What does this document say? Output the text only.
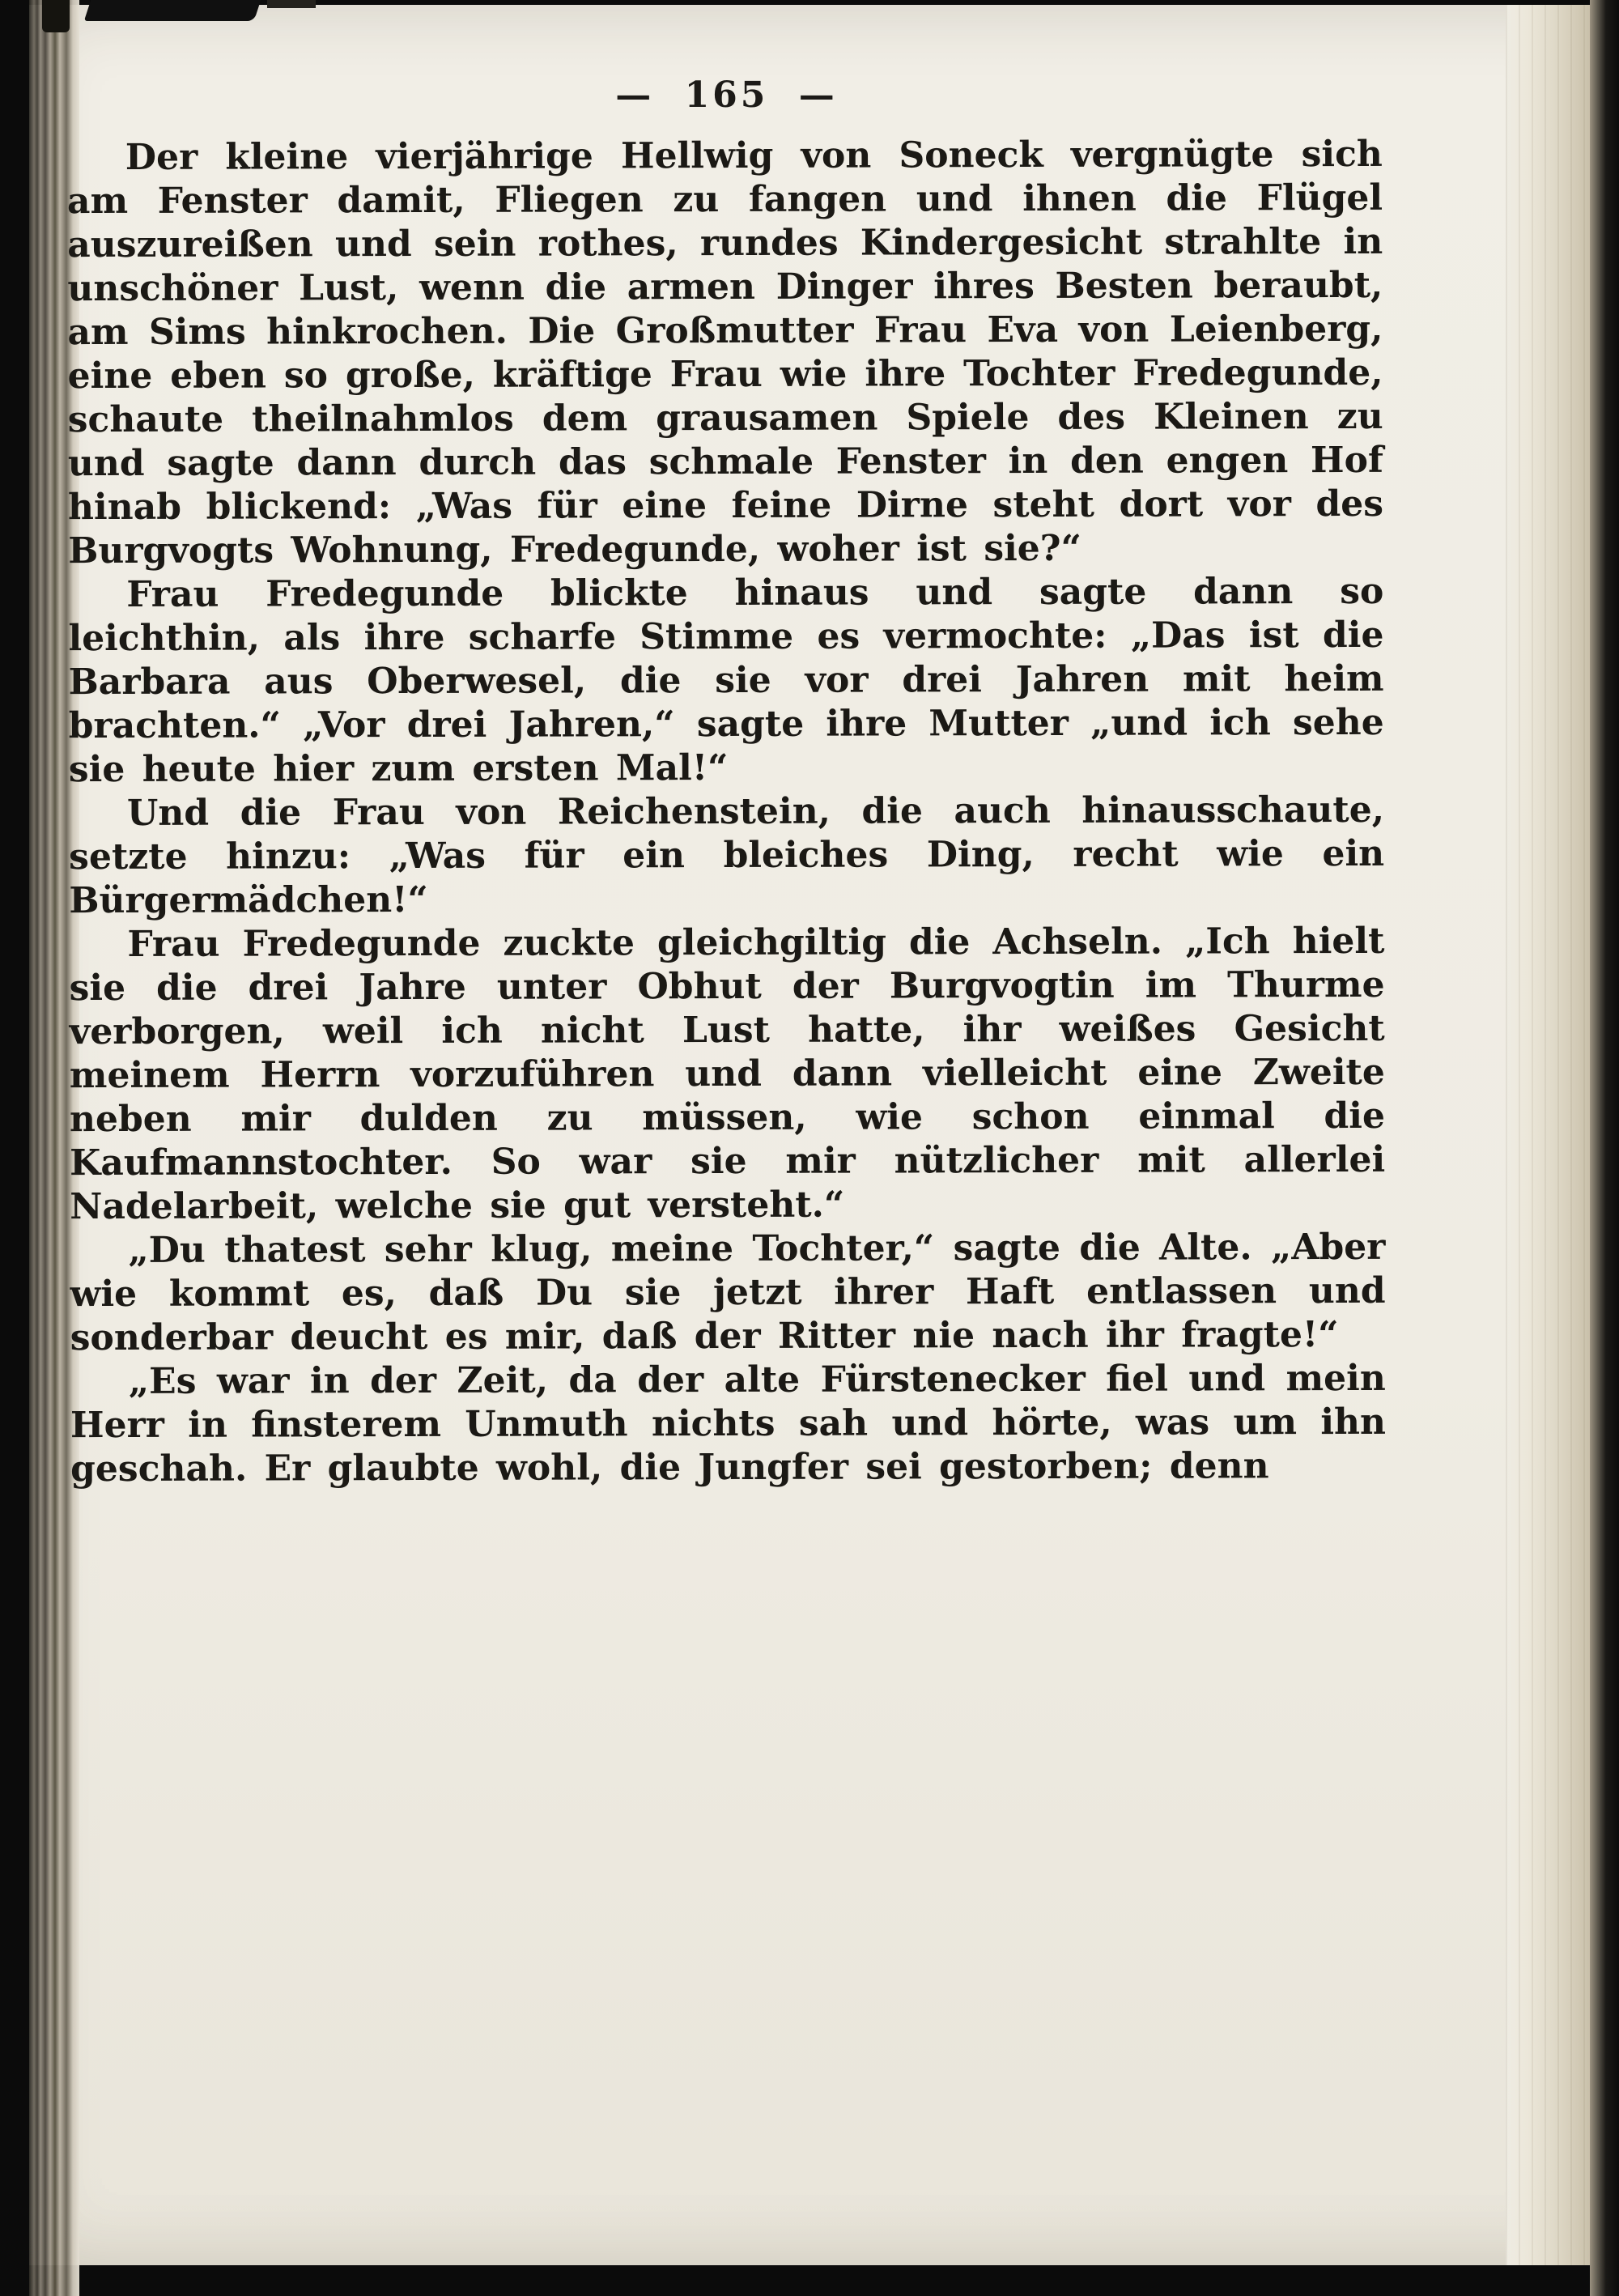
— 165 —

Der kleine vierjährige Hellwig von Soneck vergnügte sich am Fenster damit, Fliegen zu fangen und ihnen die Flügel auszureißen und sein rothes, rundes Kindergesicht strahlte in unschöner Lust, wenn die armen Dinger ihres Besten beraubt, am Sims hinkrochen. Die Großmutter Frau Eva von Leienberg, eine eben so große, kräftige Frau wie ihre Tochter Fredegunde, schaute theilnahmlos dem grausamen Spiele des Kleinen zu und sagte dann durch das schmale Fenster in den engen Hof hinab blickend: „Was für eine feine Dirne steht dort vor des Burgvogts Wohnung, Fredegunde, woher ist sie?“

Frau Fredegunde blickte hinaus und sagte dann so leichthin, als ihre scharfe Stimme es vermochte: „Das ist die Barbara aus Oberwesel, die sie vor drei Jahren mit heim brachten.“ „Vor drei Jahren,“ sagte ihre Mutter „und ich sehe sie heute hier zum ersten Mal!“

Und die Frau von Reichenstein, die auch hinausschaute, setzte hinzu: „Was für ein bleiches Ding, recht wie ein Bürgermädchen!“

Frau Fredegunde zuckte gleichgiltig die Achseln. „Ich hielt sie die drei Jahre unter Obhut der Burgvogtin im Thurme verborgen, weil ich nicht Lust hatte, ihr weißes Gesicht meinem Herrn vorzuführen und dann vielleicht eine Zweite neben mir dulden zu müssen, wie schon einmal die Kaufmannstochter. So war sie mir nützlicher mit allerlei Nadelarbeit, welche sie gut versteht.“

„Du thatest sehr klug, meine Tochter,“ sagte die Alte. „Aber wie kommt es, daß Du sie jetzt ihrer Haft entlassen und sonderbar deucht es mir, daß der Ritter nie nach ihr fragte!“

„Es war in der Zeit, da der alte Fürstenecker fiel und mein Herr in finsterem Unmuth nichts sah und hörte, was um ihn geschah. Er glaubte wohl, die Jungfer sei gestorben; denn
